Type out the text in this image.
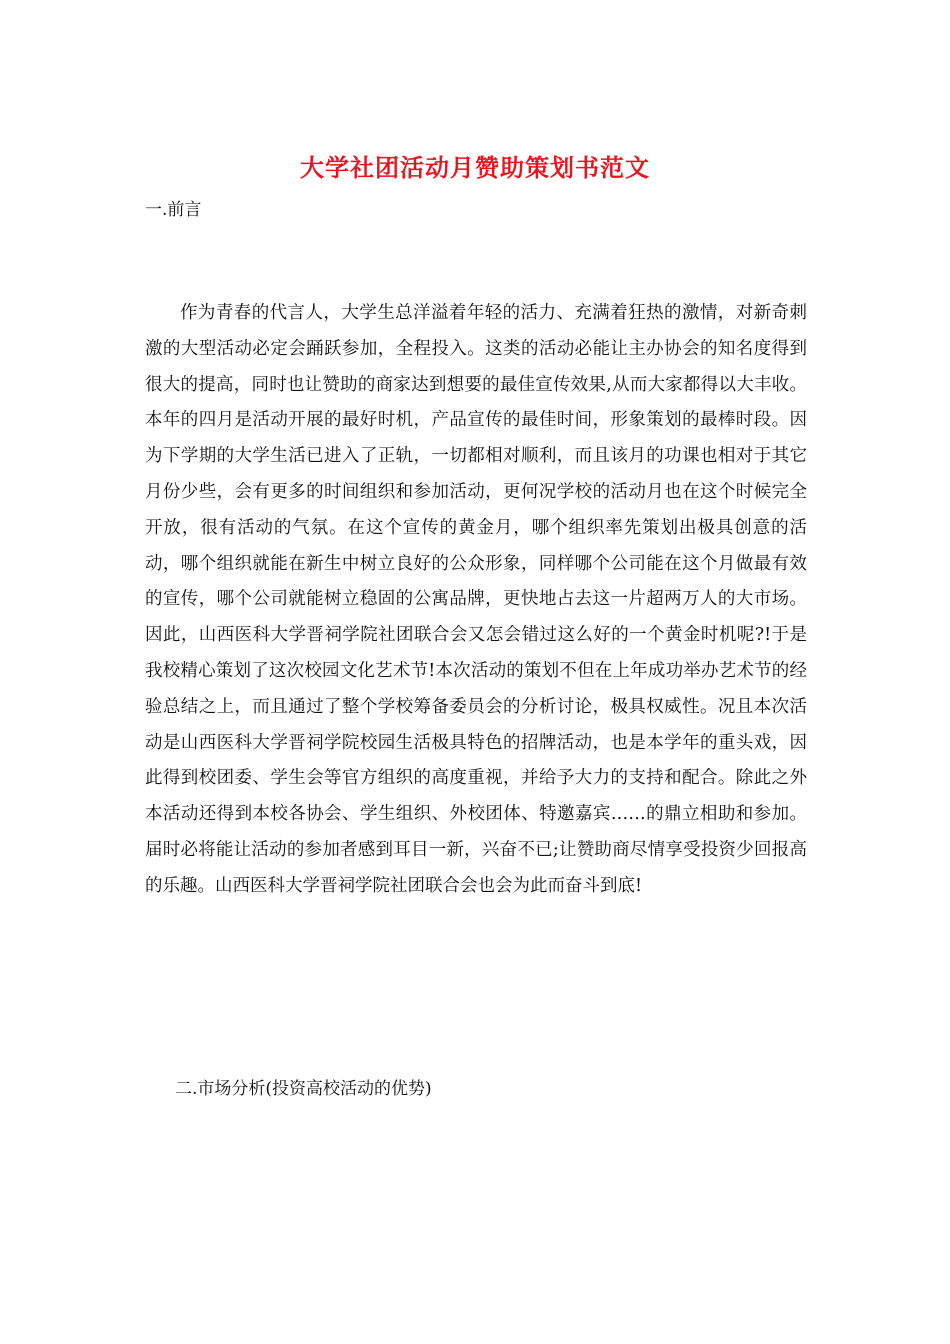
大学社团活动月赞助策划书范文
一.前言

作为青春的代言人，大学生总洋溢着年轻的活力、充满着狂热的激情，对新奇刺激的大型活动必定会踊跃参加，全程投入。这类的活动必能让主办协会的知名度得到很大的提高，同时也让赞助的商家达到想要的最佳宣传效果,从而大家都得以大丰收。本年的四月是活动开展的最好时机，产品宣传的最佳时间，形象策划的最棒时段。因为下学期的大学生活已进入了正轨，一切都相对顺利，而且该月的功课也相对于其它月份少些，会有更多的时间组织和参加活动，更何况学校的活动月也在这个时候完全开放，很有活动的气氛。在这个宣传的黄金月，哪个组织率先策划出极具创意的活动，哪个组织就能在新生中树立良好的公众形象，同样哪个公司能在这个月做最有效的宣传，哪个公司就能树立稳固的公寓品牌，更快地占去这一片超两万人的大市场。因此，山西医科大学晋祠学院社团联合会又怎会错过这么好的一个黄金时机呢?!于是我校精心策划了这次校园文化艺术节!本次活动的策划不但在上年成功举办艺术节的经验总结之上，而且通过了整个学校筹备委员会的分析讨论，极具权威性。况且本次活动是山西医科大学晋祠学院校园生活极具特色的招牌活动，也是本学年的重头戏，因此得到校团委、学生会等官方组织的高度重视，并给予大力的支持和配合。除此之外本活动还得到本校各协会、学生组织、外校团体、特邀嘉宾……的鼎立相助和参加。届时必将能让活动的参加者感到耳目一新，兴奋不已;让赞助商尽情享受投资少回报高的乐趣。山西医科大学晋祠学院社团联合会也会为此而奋斗到底!

二.市场分析(投资高校活动的优势)
